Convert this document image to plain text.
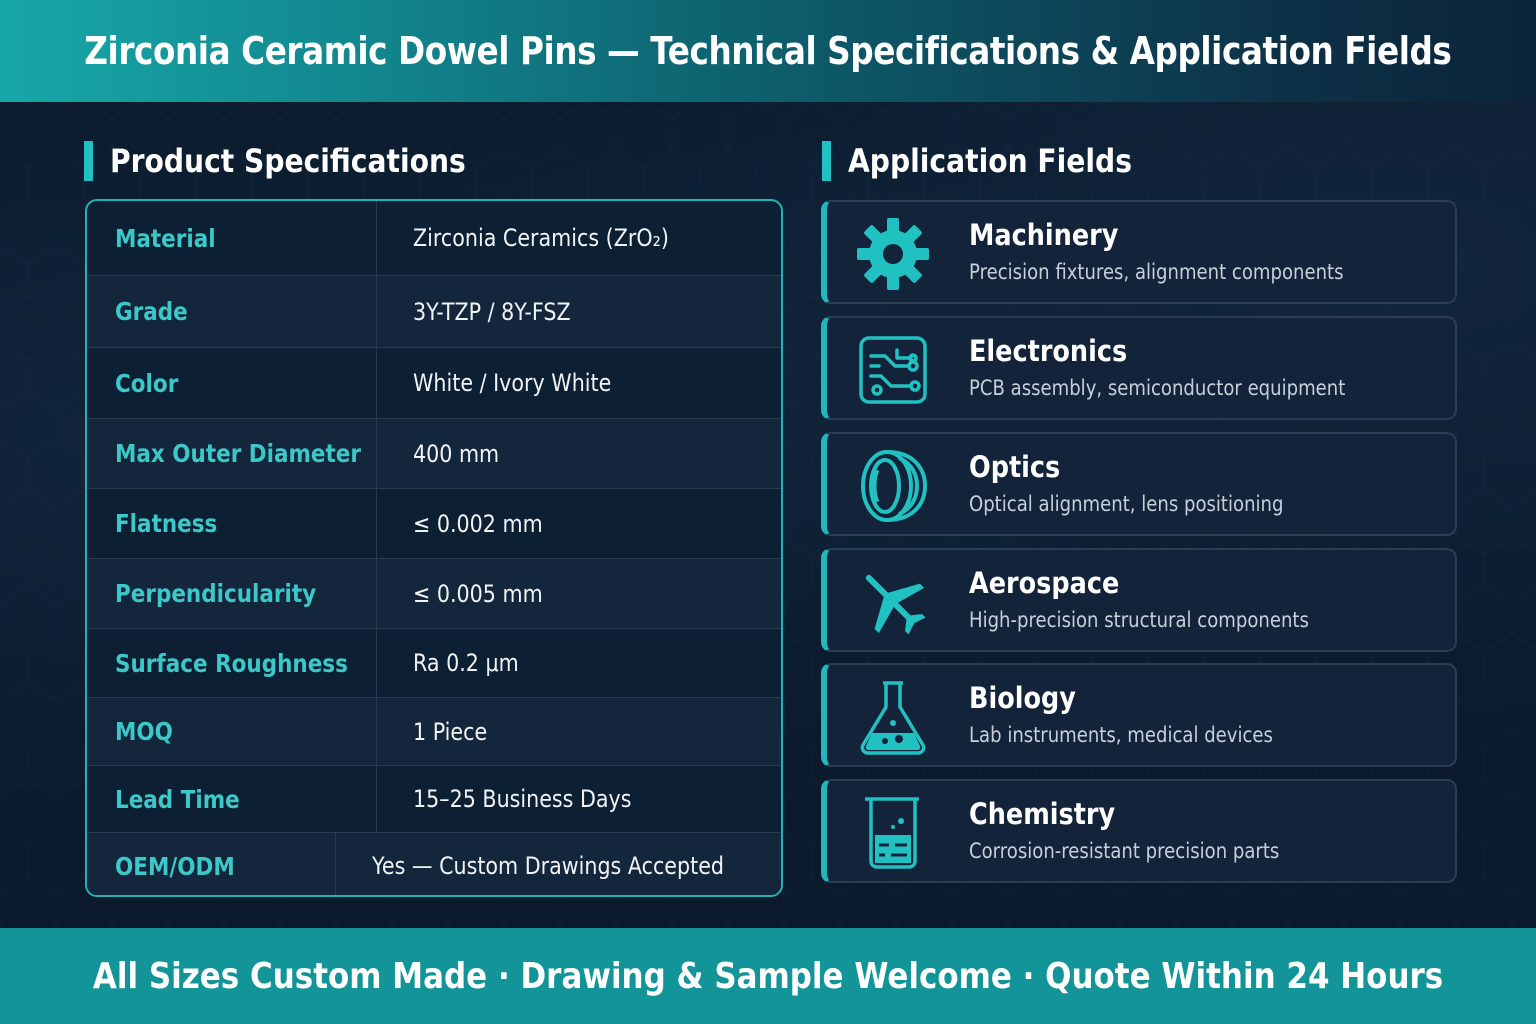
Zirconia Ceramic Dowel Pins — Technical Specifications & Application Fields
Product Specifications
Material	Zirconia Ceramics (ZrO₂)
Grade	3Y-TZP / 8Y-FSZ
Color	White / Ivory White
Max Outer Diameter 400 mm
Flatness	≤ 0.002 mm
Perpendicularity	≤ 0.005 mm
Surface Roughness	Ra 0.2 μm
MOQ	1 Piece
Lead Time	15–25 Business Days
OEM/ODM	Yes — Custom Drawings Accepted
Application Fields
Machinery
Precision fixtures, alignment components
Electronics
PCB assembly, semiconductor equipment
Optics
Optical alignment, lens positioning
Aerospace
High-precision structural components
Biology
Lab instruments, medical devices
Chemistry
Corrosion-resistant precision parts

All Sizes Custom Made · Drawing & Sample Welcome · Quote Within 24 Hours
